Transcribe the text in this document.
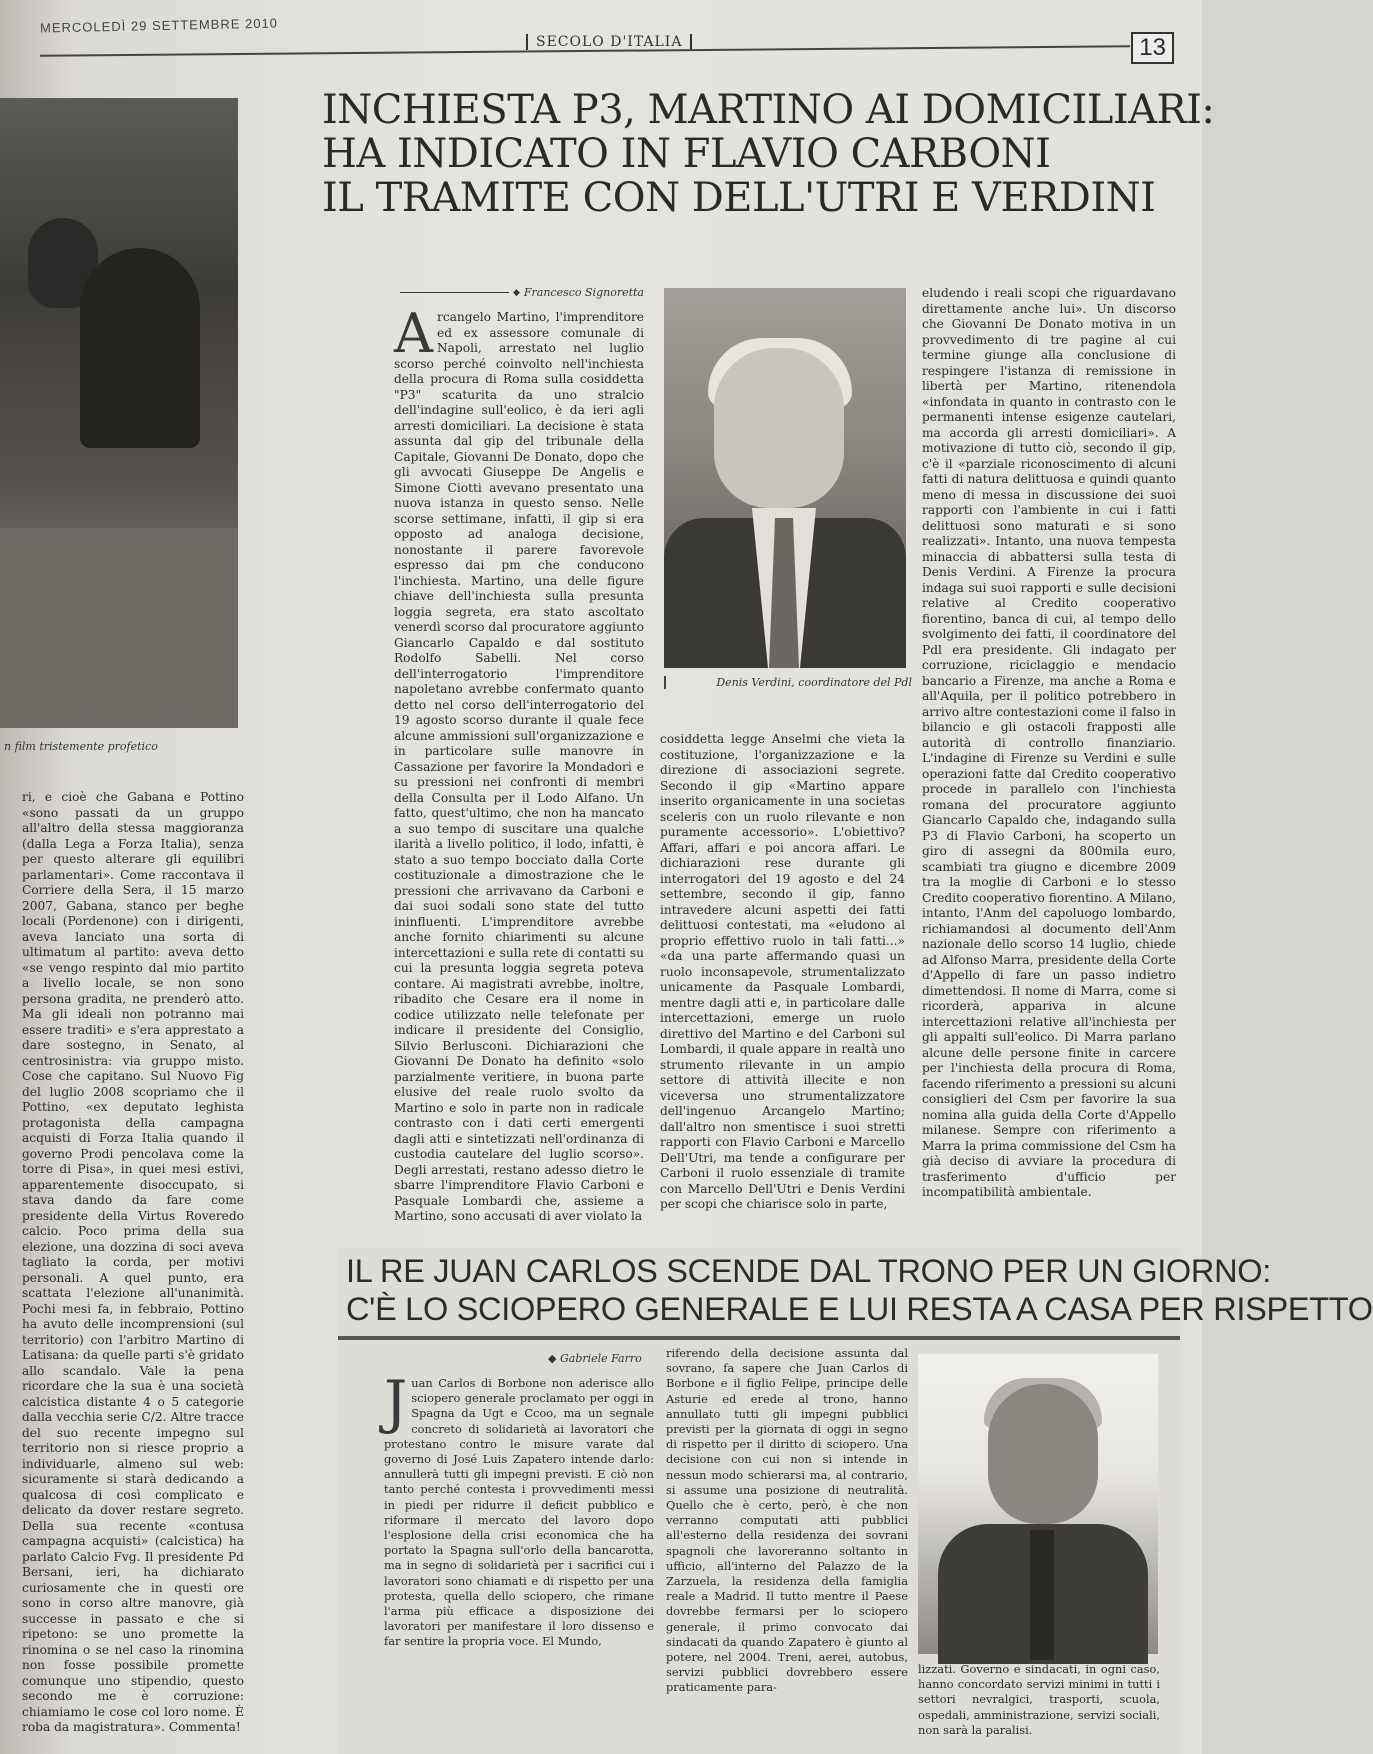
MERCOLEDÌ 29 SETTEMBRE 2010
SECOLO D'ITALIA	13
n film tristemente profetico
ri, e cioè che Gabana e Pottino «sono passati da un gruppo all'altro della stessa maggioranza (dalla Lega a Forza Italia), senza per questo alterare gli equilibri parlamentari». Come raccontava il Corriere della Sera, il 15 marzo 2007, Gabana, stanco per beghe locali (Pordenone) con i dirigenti, aveva lanciato una sorta di ultimatum al partito: aveva detto «se vengo respinto dal mio partito a livello locale, se non sono persona gradita, ne prenderò atto. Ma gli ideali non potranno mai essere traditi» e s'era apprestato a dare sostegno, in Senato, al centrosinistra: via gruppo misto. Cose che capitano. Sul Nuovo Fig del luglio 2008 scopriamo che il Pottino, «ex deputato leghista protagonista della campagna acquisti di Forza Italia quando il governo Prodi pencolava come la torre di Pisa», in quei mesi estivi, apparentemente disoccupato, si stava dando da fare come presidente della Virtus Roveredo calcio. Poco prima della sua elezione, una dozzina di soci aveva tagliato la corda, per motivi personali. A quel punto, era scattata l'elezione all'unanimità. Pochi mesi fa, in febbraio, Pottino ha avuto delle incomprensioni (sul territorio) con l'arbitro Martino di Latisana: da quelle parti s'è gridato allo scandalo. Vale la pena ricordare che la sua è una società calcistica distante 4 o 5 categorie dalla vecchia serie C/2. Altre tracce del suo recente impegno sul territorio non si riesce proprio a individuarle, almeno sul web: sicuramente si starà dedicando a qualcosa di così complicato e delicato da dover restare segreto. Della sua recente «contusa campagna acquisti» (calcistica) ha parlato Calcio Fvg. Il presidente Pd Bersani, ieri, ha dichiarato curiosamente che in questi ore sono in corso altre manovre, già successe in passato e che si ripetono: se uno promette la rinomina o se nel caso la rinomina non fosse possibile promette comunque uno stipendio, questo secondo me è corruzione: chiamiamo le cose col loro nome. È roba da magistratura». Commenta!
INCHIESTA P3, MARTINO AI DOMICILIARI:
HA INDICATO IN FLAVIO CARBONI
IL TRAMITE CON DELL'UTRI E VERDINI
◆ Francesco Signoretta
Arcangelo Martino, l'imprenditore ed ex assessore comunale di Napoli, arrestato nel luglio scorso perché coinvolto nell'inchiesta della procura di Roma sulla cosiddetta "P3" scaturita da uno stralcio dell'indagine sull'eolico, è da ieri agli arresti domiciliari. La decisione è stata assunta dal gip del tribunale della Capitale, Giovanni De Donato, dopo che gli avvocati Giuseppe De Angelis e Simone Ciotti avevano presentato una nuova istanza in questo senso. Nelle scorse settimane, infatti, il gip si era opposto ad analoga decisione, nonostante il parere favorevole espresso dai pm che conducono l'inchiesta. Martino, una delle figure chiave dell'inchiesta sulla presunta loggia segreta, era stato ascoltato venerdì scorso dal procuratore aggiunto Giancarlo Capaldo e dal sostituto Rodolfo Sabelli. Nel corso dell'interrogatorio l'imprenditore napoletano avrebbe confermato quanto detto nel corso dell'interrogatorio del 19 agosto scorso durante il quale fece alcune ammissioni sull'organizzazione e in particolare sulle manovre in Cassazione per favorire la Mondadori e su pressioni nei confronti di membri della Consulta per il Lodo Alfano. Un fatto, quest'ultimo, che non ha mancato a suo tempo di suscitare una qualche ilarità a livello politico, il lodo, infatti, è stato a suo tempo bocciato dalla Corte costituzionale a dimostrazione che le pressioni che arrivavano da Carboni e dai suoi sodali sono state del tutto ininfluenti. L'imprenditore avrebbe anche fornito chiarimenti su alcune intercettazioni e sulla rete di contatti su cui la presunta loggia segreta poteva contare. Ai magistrati avrebbe, inoltre, ribadito che Cesare era il nome in codice utilizzato nelle telefonate per indicare il presidente del Consiglio, Silvio Berlusconi. Dichiarazioni che Giovanni De Donato ha definito «solo parzialmente veritiere, in buona parte elusive del reale ruolo svolto da Martino e solo in parte non in radicale contrasto con i dati certi emergenti dagli atti e sintetizzati nell'ordinanza di custodia cautelare del luglio scorso». Degli arrestati, restano adesso dietro le sbarre l'imprenditore Flavio Carboni e Pasquale Lombardi che, assieme a Martino, sono accusati di aver violato la
Denis Verdini, coordinatore del Pdl
cosiddetta legge Anselmi che vieta la costituzione, l'organizzazione e la direzione di associazioni segrete. Secondo il gip «Martino appare inserito organicamente in una societas sceleris con un ruolo rilevante e non puramente accessorio». L'obiettivo? Affari, affari e poi ancora affari. Le dichiarazioni rese durante gli interrogatori del 19 agosto e del 24 settembre, secondo il gip, fanno intravedere alcuni aspetti dei fatti delittuosi contestati, ma «eludono al proprio effettivo ruolo in tali fatti...» «da una parte affermando quasi un ruolo inconsapevole, strumentalizzato unicamente da Pasquale Lombardi, mentre dagli atti e, in particolare dalle intercettazioni, emerge un ruolo direttivo del Martino e del Carboni sul Lombardi, il quale appare in realtà uno strumento rilevante in un ampio settore di attività illecite e non viceversa uno strumentalizzatore dell'ingenuo Arcangelo Martino; dall'altro non smentisce i suoi stretti rapporti con Flavio Carboni e Marcello Dell'Utri, ma tende a configurare per Carboni il ruolo essenziale di tramite con Marcello Dell'Utri e Denis Verdini per scopi che chiarisce solo in parte,
eludendo i reali scopi che riguardavano direttamente anche lui». Un discorso che Giovanni De Donato motiva in un provvedimento di tre pagine al cui termine giunge alla conclusione di respingere l'istanza di remissione in libertà per Martino, ritenendola «infondata in quanto in contrasto con le permanenti intense esigenze cautelari, ma accorda gli arresti domiciliari». A motivazione di tutto ciò, secondo il gip, c'è il «parziale riconoscimento di alcuni fatti di natura delittuosa e quindi quanto meno di messa in discussione dei suoi rapporti con l'ambiente in cui i fatti delittuosi sono maturati e si sono realizzati». Intanto, una nuova tempesta minaccia di abbattersi sulla testa di Denis Verdini. A Firenze la procura indaga sui suoi rapporti e sulle decisioni relative al Credito cooperativo fiorentino, banca di cui, al tempo dello svolgimento dei fatti, il coordinatore del Pdl era presidente. Gli indagato per corruzione, riciclaggio e mendacio bancario a Firenze, ma anche a Roma e all'Aquila, per il politico potrebbero in arrivo altre contestazioni come il falso in bilancio e gli ostacoli frapposti alle autorità di controllo finanziario. L'indagine di Firenze su Verdini e sulle operazioni fatte dal Credito cooperativo procede in parallelo con l'inchiesta romana del procuratore aggiunto Giancarlo Capaldo che, indagando sulla P3 di Flavio Carboni, ha scoperto un giro di assegni da 800mila euro, scambiati tra giugno e dicembre 2009 tra la moglie di Carboni e lo stesso Credito cooperativo fiorentino. A Milano, intanto, l'Anm del capoluogo lombardo, richiamandosi al documento dell'Anm nazionale dello scorso 14 luglio, chiede ad Alfonso Marra, presidente della Corte d'Appello di fare un passo indietro dimettendosi. Il nome di Marra, come si ricorderà, appariva in alcune intercettazioni relative all'inchiesta per gli appalti sull'eolico. Di Marra parlano alcune delle persone finite in carcere per l'inchiesta della procura di Roma, facendo riferimento a pressioni su alcuni consiglieri del Csm per favorire la sua nomina alla guida della Corte d'Appello milanese. Sempre con riferimento a Marra la prima commissione del Csm ha già deciso di avviare la procedura di trasferimento d'ufficio per incompatibilità ambientale.
IL RE JUAN CARLOS SCENDE DAL TRONO PER UN GIORNO:
C'È LO SCIOPERO GENERALE E LUI RESTA A CASA PER RISPETTO
◆ Gabriele Farro
Juan Carlos di Borbone non aderisce allo sciopero generale proclamato per oggi in Spagna da Ugt e Ccoo, ma un segnale concreto di solidarietà ai lavoratori che protestano contro le misure varate dal governo di José Luis Zapatero intende darlo: annullerà tutti gli impegni previsti. E ciò non tanto perché contesta i provvedimenti messi in piedi per ridurre il deficit pubblico e riformare il mercato del lavoro dopo l'esplosione della crisi economica che ha portato la Spagna sull'orlo della bancarotta, ma in segno di solidarietà per i sacrifici cui i lavoratori sono chiamati e di rispetto per una protesta, quella dello sciopero, che rimane l'arma più efficace a disposizione dei lavoratori per manifestare il loro dissenso e far sentire la propria voce. El Mundo,
riferendo della decisione assunta dal sovrano, fa sapere che Juan Carlos di Borbone e il figlio Felipe, principe delle Asturie ed erede al trono, hanno annullato tutti gli impegni pubblici previsti per la giornata di oggi in segno di rispetto per il diritto di sciopero. Una decisione con cui non si intende in nessun modo schierarsi ma, al contrario, si assume una posizione di neutralità. Quello che è certo, però, è che non verranno computati atti pubblici all'esterno della residenza dei sovrani spagnoli che lavoreranno soltanto in ufficio, all'interno del Palazzo de la Zarzuela, la residenza della famiglia reale a Madrid. Il tutto mentre il Paese dovrebbe fermarsi per lo sciopero generale, il primo convocato dai sindacati da quando Zapatero è giunto al potere, nel 2004. Treni, aerei, autobus, servizi pubblici dovrebbero essere praticamente para-
lizzati. Governo e sindacati, in ogni caso, hanno concordato servizi minimi in tutti i settori nevralgici, trasporti, scuola, ospedali, amministrazione, servizi sociali, non sarà la paralisi.
